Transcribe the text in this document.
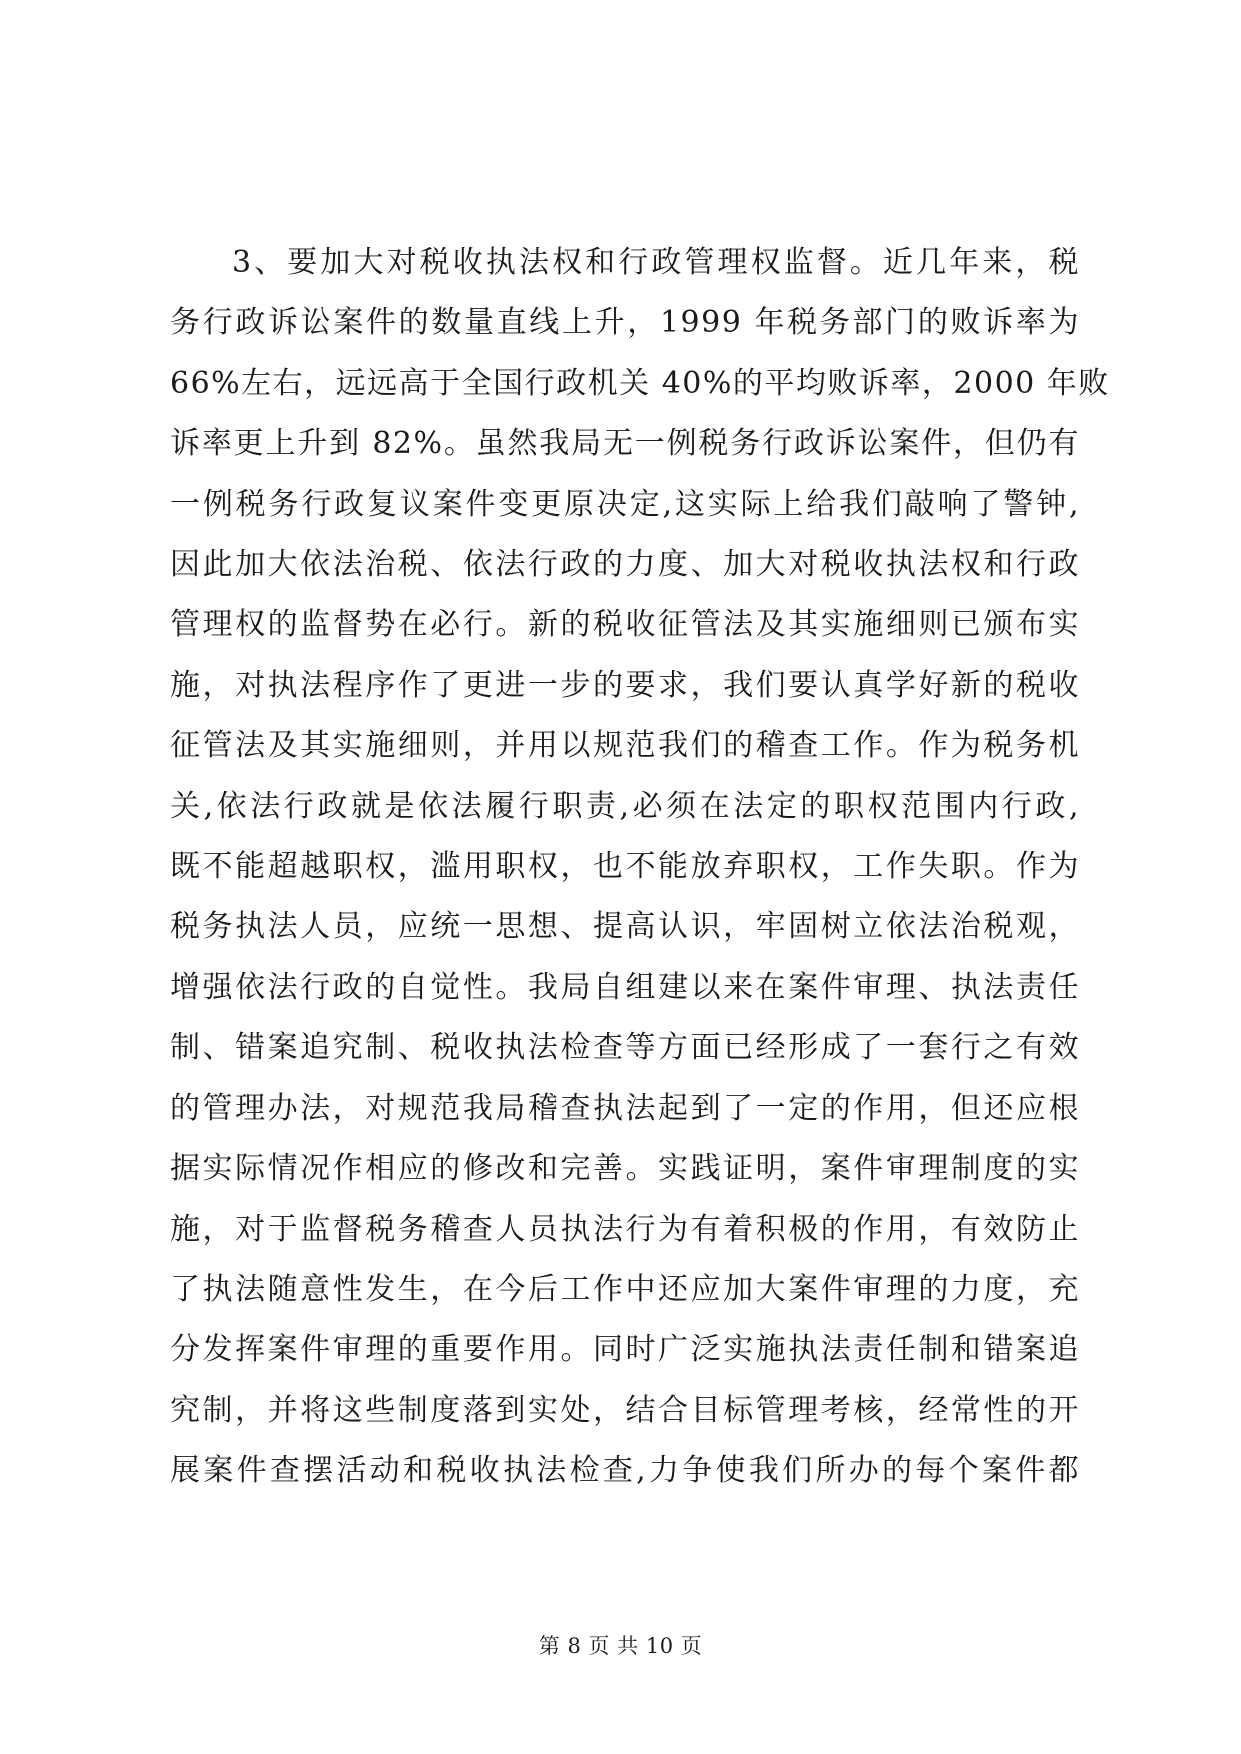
3、要加大对税收执法权和行政管理权监督。近几年来，税
务行政诉讼案件的数量直线上升，1999 年税务部门的败诉率为
66%左右，远远高于全国行政机关 40%的平均败诉率，2000 年败
诉率更上升到 82%。虽然我局无一例税务行政诉讼案件，但仍有
一例税务行政复议案件变更原决定,这实际上给我们敲响了警钟,
因此加大依法治税、依法行政的力度、加大对税收执法权和行政
管理权的监督势在必行。新的税收征管法及其实施细则已颁布实
施，对执法程序作了更进一步的要求，我们要认真学好新的税收
征管法及其实施细则，并用以规范我们的稽查工作。作为税务机
关,依法行政就是依法履行职责,必须在法定的职权范围内行政,
既不能超越职权，滥用职权，也不能放弃职权，工作失职。作为
税务执法人员，应统一思想、提高认识，牢固树立依法治税观，
增强依法行政的自觉性。我局自组建以来在案件审理、执法责任
制、错案追究制、税收执法检查等方面已经形成了一套行之有效
的管理办法，对规范我局稽查执法起到了一定的作用，但还应根
据实际情况作相应的修改和完善。实践证明，案件审理制度的实
施，对于监督税务稽查人员执法行为有着积极的作用，有效防止
了执法随意性发生，在今后工作中还应加大案件审理的力度，充
分发挥案件审理的重要作用。同时广泛实施执法责任制和错案追
究制，并将这些制度落到实处，结合目标管理考核，经常性的开
展案件查摆活动和税收执法检查,力争使我们所办的每个案件都
第 8 页 共 10 页
